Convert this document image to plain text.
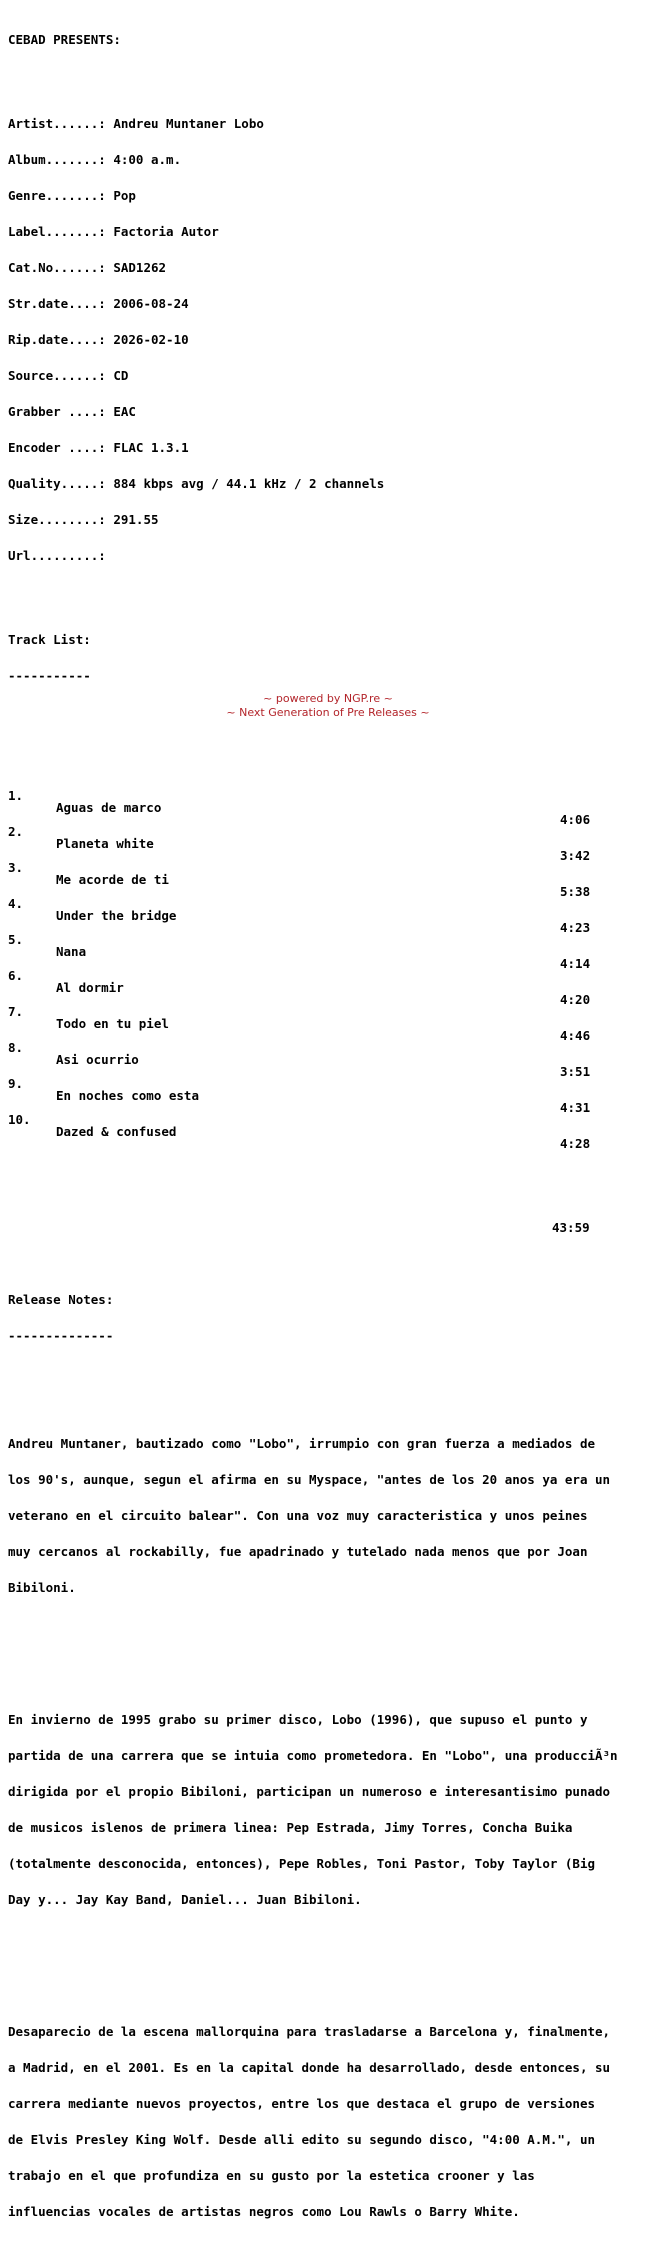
CEBAD PRESENTS:

Artist......: Andreu Muntaner Lobo

Album.......: 4:00 a.m.

Genre.......: Pop

Label.......: Factoria Autor

Cat.No......: SAD1262

Str.date....: 2006-08-24

Rip.date....: 2026-02-10

Source......: CD

Grabber ....: EAC

Encoder ....: FLAC 1.3.1

Quality.....: 884 kbps avg / 44.1 kHz / 2 channels

Size........: 291.55

Url.........:

Track List:

-----------

1.

Aguas de marco

4:06

2.

Planeta white

3:42

3.

Me acorde de ti

5:38

4.

Under the bridge

4:23

5.

Nana

4:14

6.

Al dormir

4:20

7.

Todo en tu piel

4:46

8.

Asi ocurrio

3:51

9.

En noches como esta

4:31

10.

Dazed & confused

4:28

43:59

Release Notes:

--------------

Andreu Muntaner, bautizado como "Lobo", irrumpio con gran fuerza a mediados de

los 90's, aunque, segun el afirma en su Myspace, "antes de los 20 anos ya era un

veterano en el circuito balear". Con una voz muy caracteristica y unos peines

muy cercanos al rockabilly, fue apadrinado y tutelado nada menos que por Joan

Bibiloni.

En invierno de 1995 grabo su primer disco, Lobo (1996), que supuso el punto y

partida de una carrera que se intuia como prometedora. En "Lobo", una producciÃ³n

dirigida por el propio Bibiloni, participan un numeroso e interesantisimo punado

de musicos islenos de primera linea: Pep Estrada, Jimy Torres, Concha Buika

(totalmente desconocida, entonces), Pepe Robles, Toni Pastor, Toby Taylor (Big

Day y... Jay Kay Band, Daniel... Juan Bibiloni.

Desaparecio de la escena mallorquina para trasladarse a Barcelona y, finalmente,

a Madrid, en el 2001. Es en la capital donde ha desarrollado, desde entonces, su

carrera mediante nuevos proyectos, entre los que destaca el grupo de versiones

de Elvis Presley King Wolf. Desde alli edito su segundo disco, "4:00 A.M.", un

trabajo en el que profundiza en su gusto por la estetica crooner y las

influencias vocales de artistas negros como Lou Rawls o Barry White.

~ powered by NGP.re ~
~ Next Generation of Pre Releases ~
